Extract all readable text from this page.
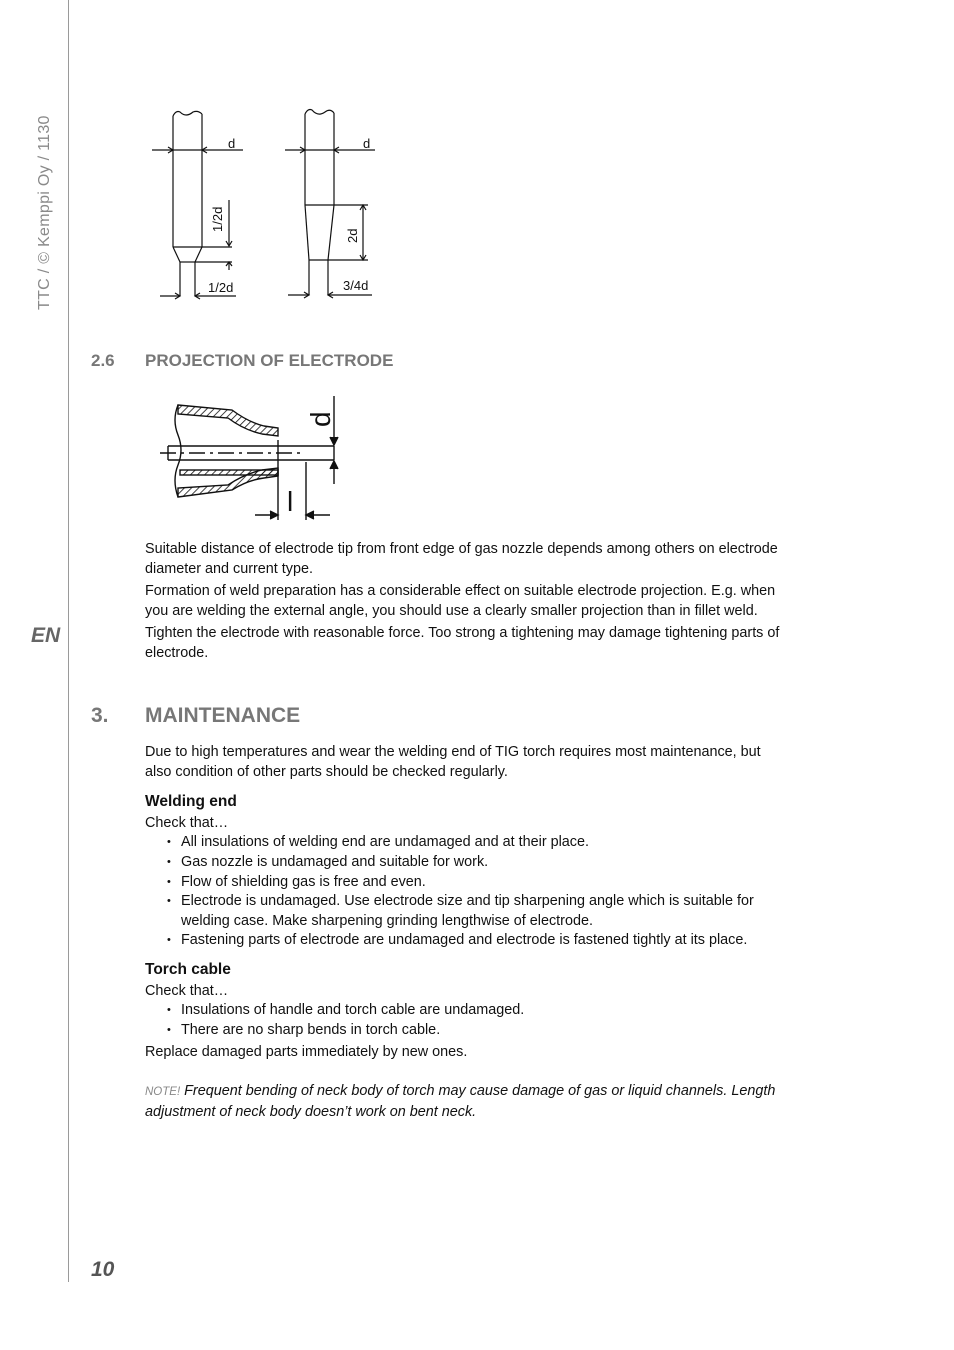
TTC / © Kemppi Oy / 1130
EN
10
d
1/2d
1/2d
d
2d
3/4d
2.6 PROJECTION OF ELECTRODE
d
l

Suitable distance of electrode tip from front edge of gas nozzle depends among others on electrode diameter and current type.

Formation of weld preparation has a considerable effect on suitable electrode projection. E.g. when you are welding the external angle, you should use a clearly smaller projection than in fillet weld.

Tighten the electrode with reasonable force. Too strong a tightening may damage tightening parts of electrode.

3. MAINTENANCE

Due to high temperatures and wear the welding end of TIG torch requires most maintenance, but also condition of other parts should be checked regularly.

Welding end

Check that…

• All insulations of welding end are undamaged and at their place.
• Gas nozzle is undamaged and suitable for work.
• Flow of shielding gas is free and even.
• Electrode is undamaged. Use electrode size and tip sharpening angle which is suitable for welding case. Make sharpening grinding lengthwise of electrode.
• Fastening parts of electrode are undamaged and electrode is fastened tightly at its place.

Torch cable

Check that…

• Insulations of handle and torch cable are undamaged.
• There are no sharp bends in torch cable.

Replace damaged parts immediately by new ones.

NOTE! Frequent bending of neck body of torch may cause damage of gas or liquid channels. Length adjustment of neck body doesn’t work on bent neck.
